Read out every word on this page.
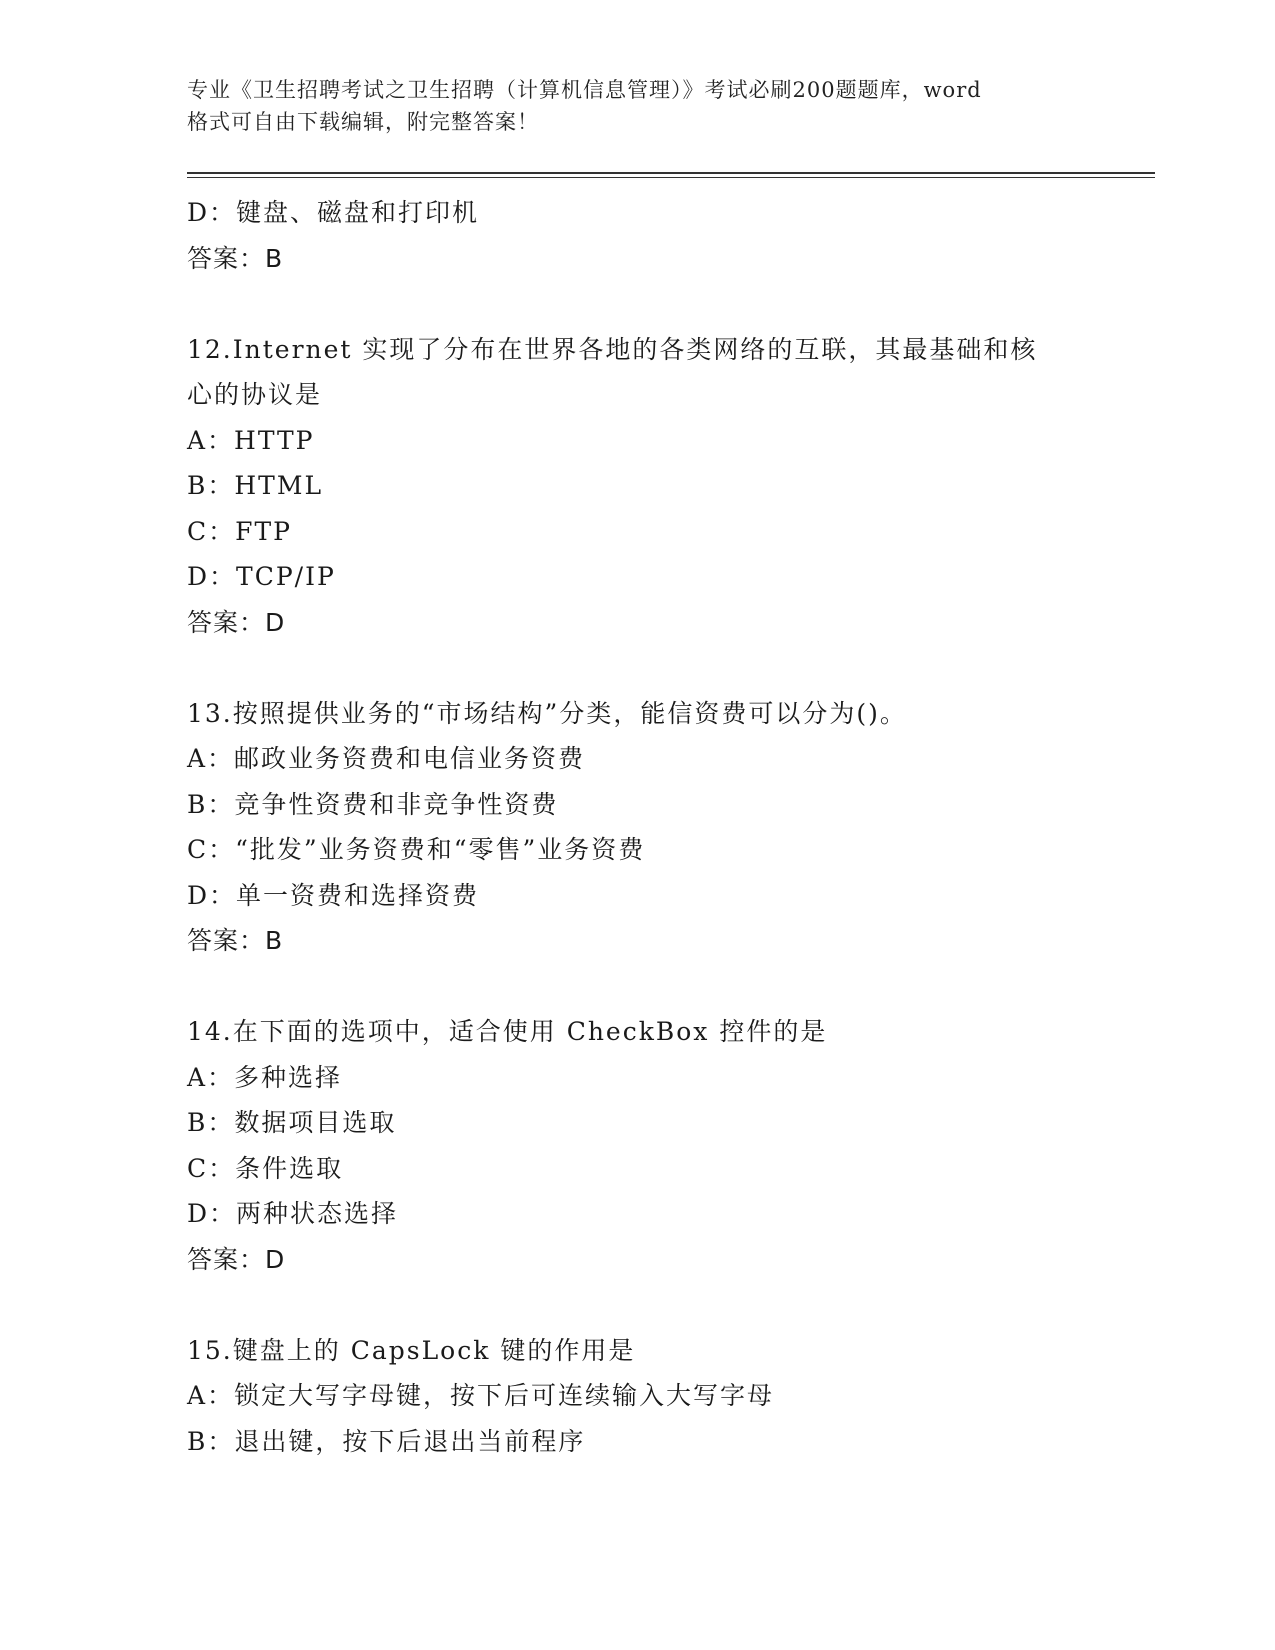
专业《卫生招聘考试之卫生招聘（计算机信息管理）》考试必刷200题题库，word
格式可自由下载编辑，附完整答案！
D：键盘、磁盘和打印机
答案：B
12.Internet 实现了分布在世界各地的各类网络的互联，其最基础和核
心的协议是
A：HTTP
B：HTML
C：FTP
D：TCP/IP
答案：D
13.按照提供业务的“市场结构”分类，能信资费可以分为()。
A：邮政业务资费和电信业务资费
B：竞争性资费和非竞争性资费
C：“批发”业务资费和“零售”业务资费
D：单一资费和选择资费
答案：B
14.在下面的选项中，适合使用 CheckBox 控件的是
A：多种选择
B：数据项目选取
C：条件选取
D：两种状态选择
答案：D
15.键盘上的 CapsLock 键的作用是
A：锁定大写字母键，按下后可连续输入大写字母
B：退出键，按下后退出当前程序
